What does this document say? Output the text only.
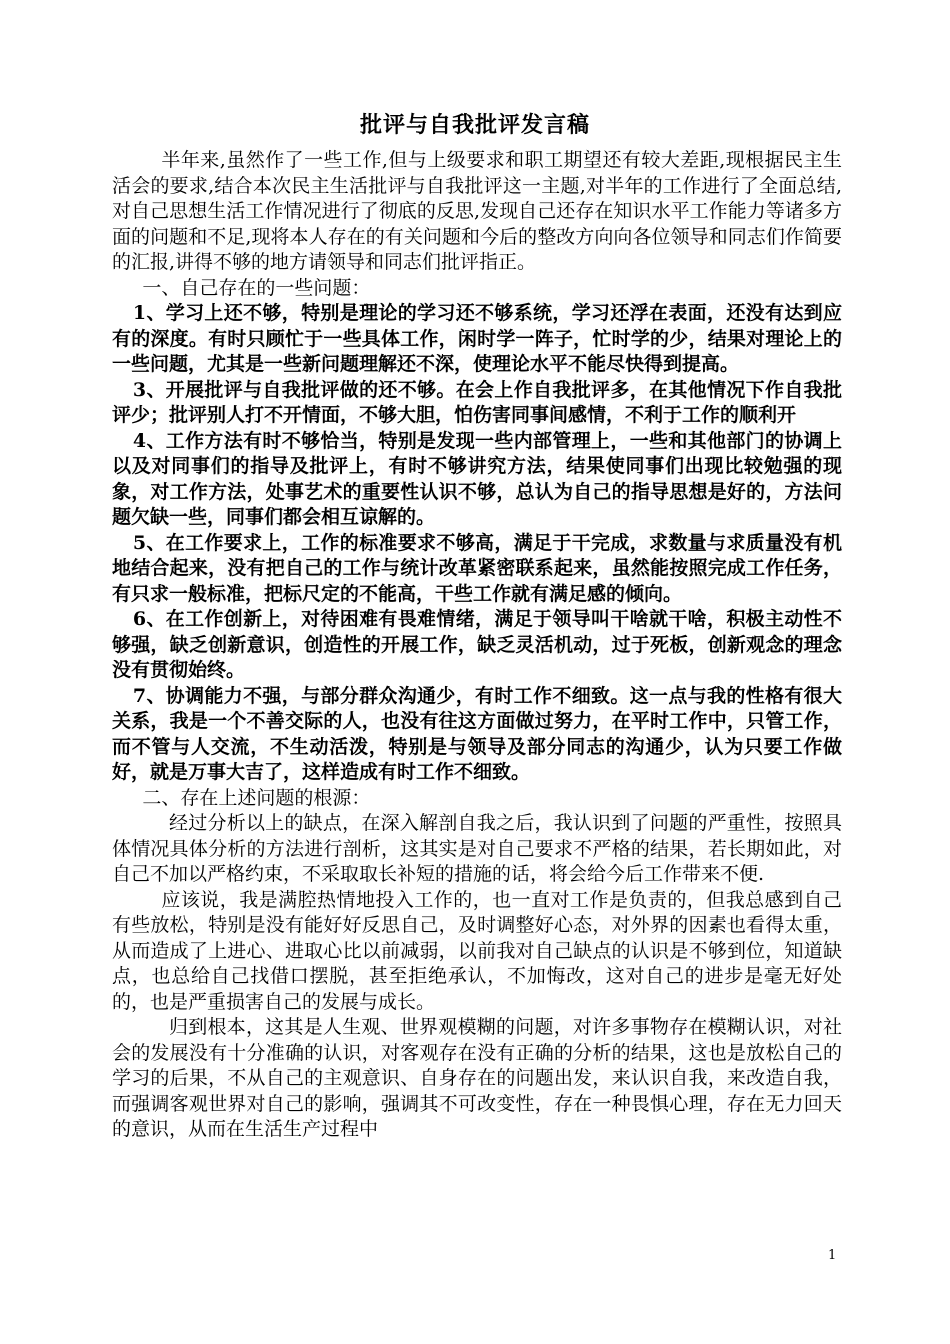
批评与自我批评发言稿

半年来,虽然作了一些工作,但与上级要求和职工期望还有较大差距,现根据民主生活会的要求,结合本次民主生活批评与自我批评这一主题,对半年的工作进行了全面总结,对自己思想生活工作情况进行了彻底的反思,发现自己还存在知识水平工作能力等诸多方面的问题和不足,现将本人存在的有关问题和今后的整改方向向各位领导和同志们作简要的汇报,讲得不够的地方请领导和同志们批评指正。

一、自己存在的一些问题：

1、学习上还不够，特别是理论的学习还不够系统，学习还浮在表面，还没有达到应有的深度。有时只顾忙于一些具体工作，闲时学一阵子，忙时学的少，结果对理论上的一些问题，尤其是一些新问题理解还不深，使理论水平不能尽快得到提高。

3、开展批评与自我批评做的还不够。在会上作自我批评多，在其他情况下作自我批评少；批评别人打不开情面，不够大胆，怕伤害同事间感情，不利于工作的顺利开

4、工作方法有时不够恰当，特别是发现一些内部管理上，一些和其他部门的协调上以及对同事们的指导及批评上，有时不够讲究方法，结果使同事们出现比较勉强的现象，对工作方法，处事艺术的重要性认识不够，总认为自己的指导思想是好的，方法问题欠缺一些，同事们都会相互谅解的。

5、在工作要求上，工作的标准要求不够高，满足于干完成，求数量与求质量没有机地结合起来，没有把自己的工作与统计改革紧密联系起来，虽然能按照完成工作任务，有只求一般标准，把标尺定的不能高，干些工作就有满足感的倾向。

6、在工作创新上，对待困难有畏难情绪，满足于领导叫干啥就干啥，积极主动性不够强，缺乏创新意识，创造性的开展工作，缺乏灵活机动，过于死板，创新观念的理念没有贯彻始终。

7、协调能力不强，与部分群众沟通少，有时工作不细致。这一点与我的性格有很大关系，我是一个不善交际的人，也没有往这方面做过努力，在平时工作中，只管工作，而不管与人交流，不生动活泼，特别是与领导及部分同志的沟通少，认为只要工作做好，就是万事大吉了，这样造成有时工作不细致。

二、存在上述问题的根源：

经过分析以上的缺点，在深入解剖自我之后，我认识到了问题的严重性，按照具体情况具体分析的方法进行剖析，这其实是对自己要求不严格的结果，若长期如此，对自己不加以严格约束，不采取取长补短的措施的话，将会给今后工作带来不便.

应该说，我是满腔热情地投入工作的，也一直对工作是负责的，但我总感到自己有些放松，特别是没有能好好反思自己，及时调整好心态，对外界的因素也看得太重，从而造成了上进心、进取心比以前减弱，以前我对自己缺点的认识是不够到位，知道缺点，也总给自己找借口摆脱，甚至拒绝承认，不加悔改，这对自己的进步是毫无好处的，也是严重损害自己的发展与成长。

归到根本，这其是人生观、世界观模糊的问题，对许多事物存在模糊认识，对社会的发展没有十分准确的认识，对客观存在没有正确的分析的结果，这也是放松自己的学习的后果，不从自己的主观意识、自身存在的问题出发，来认识自我，来改造自我，而强调客观世界对自己的影响，强调其不可改变性，存在一种畏惧心理，存在无力回天的意识，从而在生活生产过程中

1
